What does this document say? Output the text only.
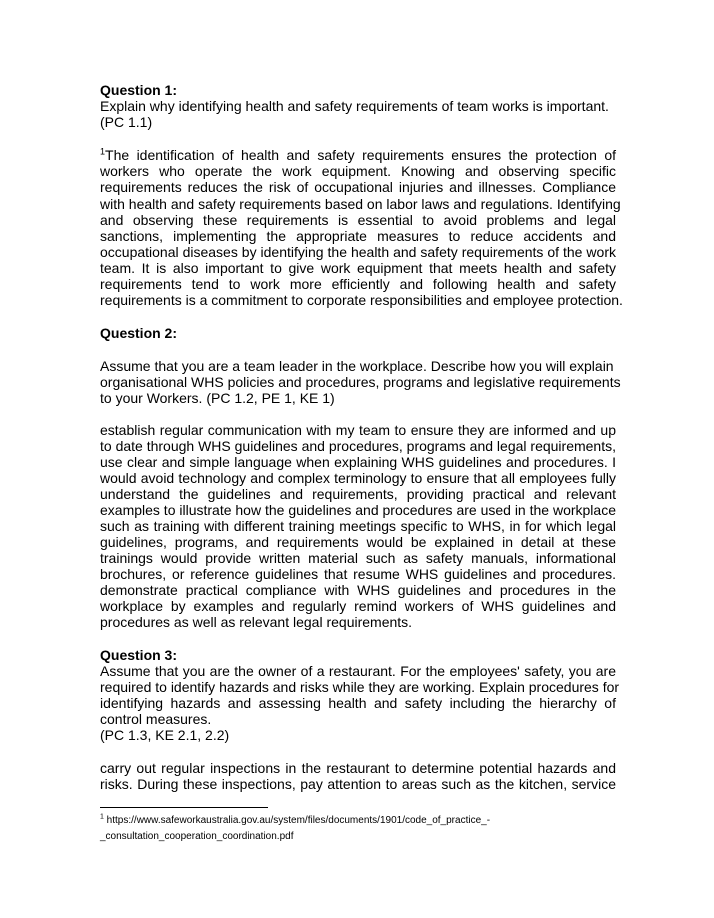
Question 1:
Explain why identifying health and safety requirements of team works is important.
(PC 1.1)
$^1$The identification of health and safety requirements ensures the protection of
workers who operate the work equipment. Knowing and observing specific
requirements reduces the risk of occupational injuries and illnesses. Compliance
with health and safety requirements based on labor laws and regulations. Identifying
and observing these requirements is essential to avoid problems and legal
sanctions, implementing the appropriate measures to reduce accidents and
occupational diseases by identifying the health and safety requirements of the work
team. It is also important to give work equipment that meets health and safety
requirements tend to work more efficiently and following health and safety
requirements is a commitment to corporate responsibilities and employee protection.
Question 2:
Assume that you are a team leader in the workplace. Describe how you will explain
organisational WHS policies and procedures, programs and legislative requirements
to your Workers. (PC 1.2, PE 1, KE 1)
establish regular communication with my team to ensure they are informed and up
to date through WHS guidelines and procedures, programs and legal requirements,
use clear and simple language when explaining WHS guidelines and procedures. I
would avoid technology and complex terminology to ensure that all employees fully
understand the guidelines and requirements, providing practical and relevant
examples to illustrate how the guidelines and procedures are used in the workplace
such as training with different training meetings specific to WHS, in for which legal
guidelines, programs, and requirements would be explained in detail at these
trainings would provide written material such as safety manuals, informational
brochures, or reference guidelines that resume WHS guidelines and procedures.
demonstrate practical compliance with WHS guidelines and procedures in the
workplace by examples and regularly remind workers of WHS guidelines and
procedures as well as relevant legal requirements.
Question 3:
Assume that you are the owner of a restaurant. For the employees' safety, you are
required to identify hazards and risks while they are working. Explain procedures for
identifying hazards and assessing health and safety including the hierarchy of
control measures.
(PC 1.3, KE 2.1, 2.2)
carry out regular inspections in the restaurant to determine potential hazards and
risks. During these inspections, pay attention to areas such as the kitchen, service
$^1$ https://www.safeworkaustralia.gov.au/system/files/documents/1901/code_of_practice_-
_consultation_cooperation_coordination.pdf
